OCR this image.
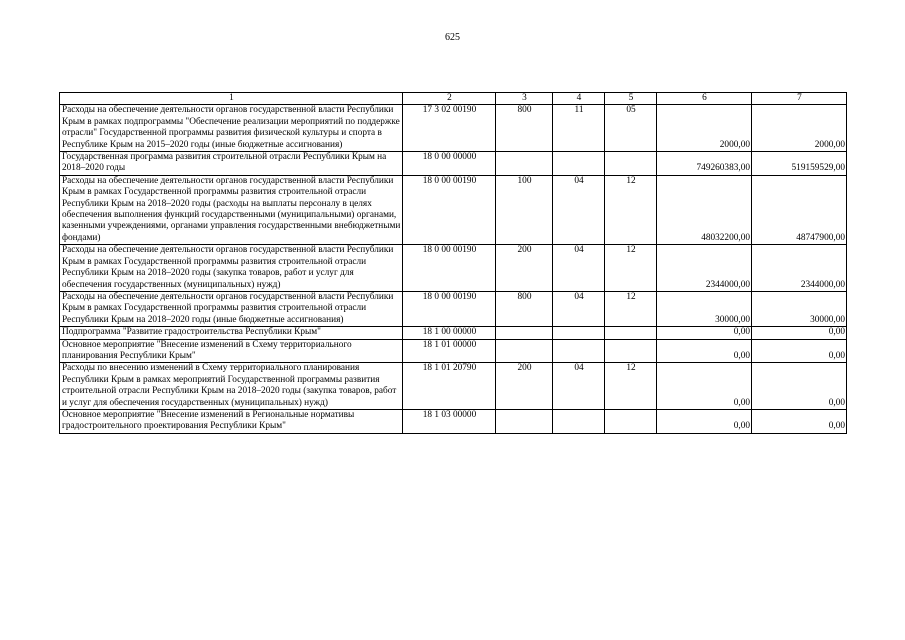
625
1	2	3	4	5	6	7
Расходы на обеспечение деятельности органов государственной власти Республики Крым в рамках подпрограммы "Обеспечение реализации мероприятий по поддержке отрасли" Государственной программы развития физической культуры и спорта в Республике Крым на 2015–2020 годы (иные бюджетные ассигнования)	17 3 02 00190	800	11	05	2000,00	2000,00
Государственная программа развития строительной отрасли Республики Крым на 2018–2020 годы	18 0 00 00000				749260383,00	519159529,00
Расходы на обеспечение деятельности органов государственной власти Республики Крым в рамках Государственной программы развития строительной отрасли Республики Крым на 2018–2020 годы (расходы на выплаты персоналу в целях обеспечения выполнения функций государственными (муниципальными) органами, казенными учреждениями, органами управления государственными внебюджетными фондами)	18 0 00 00190	100	04	12	48032200,00	48747900,00
Расходы на обеспечение деятельности органов государственной власти Республики Крым в рамках Государственной программы развития строительной отрасли Республики Крым на 2018–2020 годы (закупка товаров, работ и услуг для обеспечения государственных (муниципальных) нужд)	18 0 00 00190	200	04	12	2344000,00	2344000,00
Расходы на обеспечение деятельности органов государственной власти Республики Крым в рамках Государственной программы развития строительной отрасли Республики Крым на 2018–2020 годы (иные бюджетные ассигнования)	18 0 00 00190	800	04	12	30000,00	30000,00
Подпрограмма "Развитие градостроительства Республики Крым"	18 1 00 00000				0,00	0,00
Основное мероприятие "Внесение изменений в Схему территориального планирования Республики Крым"	18 1 01 00000				0,00	0,00
Расходы по внесению изменений в Схему территориального планирования Республики Крым в рамках мероприятий Государственной программы развития строительной отрасли Республики Крым на 2018–2020 годы (закупка товаров, работ и услуг для обеспечения государственных (муниципальных) нужд)	18 1 01 20790	200	04	12	0,00	0,00
Основное мероприятие "Внесение изменений в Региональные нормативы градостроительного проектирования Республики Крым"	18 1 03 00000				0,00	0,00
